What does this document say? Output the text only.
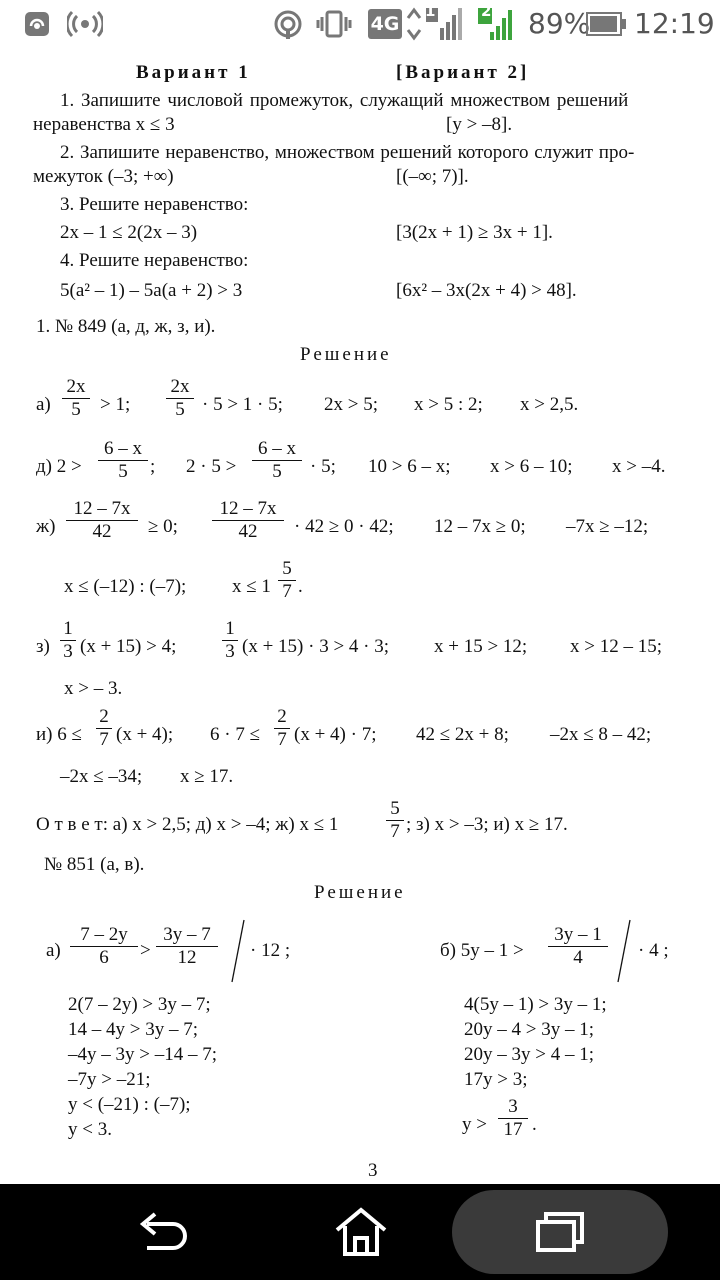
4G
1	2 89% 12:19
Вариант 1	[Вариант 2]
1. Запишите числовой промежуток, служащий множеством решений
неравенства x ≤ 3	[y > –8].
2. Запишите неравенство, множеством решений которого служит про-
межуток (–3; +∞)	[(–∞; 7)].
3. Решите неравенство:
2x – 1 ≤ 2(2x – 3)	[3(2x + 1) ≥ 3x + 1].
4. Решите неравенство:
5(a² – 1) – 5a(a + 2) > 3	[6x² – 3x(2x + 4) > 48].
1. № 849 (а, д, ж, з, и).
Решение
$а) \frac{2x}{5} > 1$; $\frac{2x}{5} \cdot 5 > 1 \cdot 5$; 2x > 5; x > 5 : 2; x > 2,5.
д) $2 > \frac{6 - x}{5}$ ; $2 \cdot 5 > \frac{6 - x}{5} \cdot 5$; 10 > 6 – x; x > 6 – 10; x > –4.
$ж) \frac{12 - 7x}{42} \ge 0$; $\frac{12 - 7x}{42} \cdot 42 \ge 0 \cdot 42$; 12 – 7x ≥ 0; –7x ≥ –12;
x ≤ (–12) : (–7); $x \le 1 \frac{5}{7}$ .
$з) \frac{1}{3} (x + 15) > 4$; $\frac{1}{3} (x + 15) \cdot 3 > 4 \cdot 3$; x + 15 > 12; x > 12 – 15;
x > – 3.
и) $6 \le \frac{2}{7} (x + 4)$; $6 \cdot 7 \le \frac{2}{7} (x + 4) \cdot 7$; 42 ≤ 2x + 8; –2x ≤ 8 – 42;
–2x ≤ –34; x ≥ 17.
О т в е т: а) x > 2,5; д) x > –4; ж) x ≤ 1	$\frac{5}{7}$ ; з) x > –3; и) x ≥ 17.
№ 851 (а, в).
Решение
$а) \frac{7 - 2y}{6} > \frac{3y - 7}{12} \cdot 12$ ;
2(7 – 2y) > 3y – 7;
14 – 4y > 3y – 7;
–4y – 3y > –14 – 7;
–7y > –21;
y < (–21) : (–7);
y < 3.
б) $5y - 1 > \frac{3y - 1}{4} \cdot 4$ ;
4(5y – 1) > 3y – 1;
20y – 4 > 3y – 1;
20y – 3y > 4 – 1;
17y > 3;
$y > \frac{3}{17}$ .
3
